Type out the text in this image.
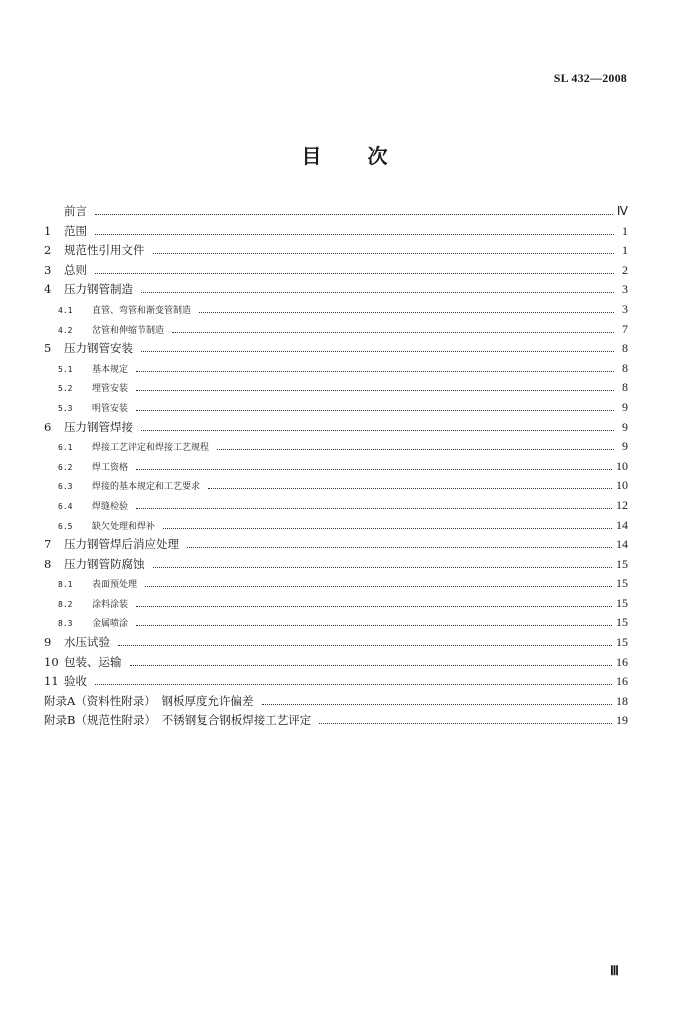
SL 432—2008
目次
前言	Ⅳ
1	范围	1
2	规范性引用文件	1
3	总则	2
4	压力钢管制造	3
4.1	直管、弯管和渐变管制造	3
4.2	岔管和伸缩节制造	7
5	压力钢管安装	8
5.1	基本规定	8
5.2	埋管安装	8
5.3	明管安装	9
6	压力钢管焊接	9
6.1	焊接工艺评定和焊接工艺规程	9
6.2	焊工资格	10
6.3	焊接的基本规定和工艺要求	10
6.4	焊缝检验	12
6.5	缺欠处理和焊补	14
7	压力钢管焊后消应处理	14
8	压力钢管防腐蚀	15
8.1	表面预处理	15
8.2	涂料涂装	15
8.3	金属喷涂	15
9	水压试验	15
10 包装、运输	16
11 验收	16
附录A （资料性附录）　钢板厚度允许偏差	18
附录B （规范性附录）　不锈钢复合钢板焊接工艺评定	19
Ⅲ
